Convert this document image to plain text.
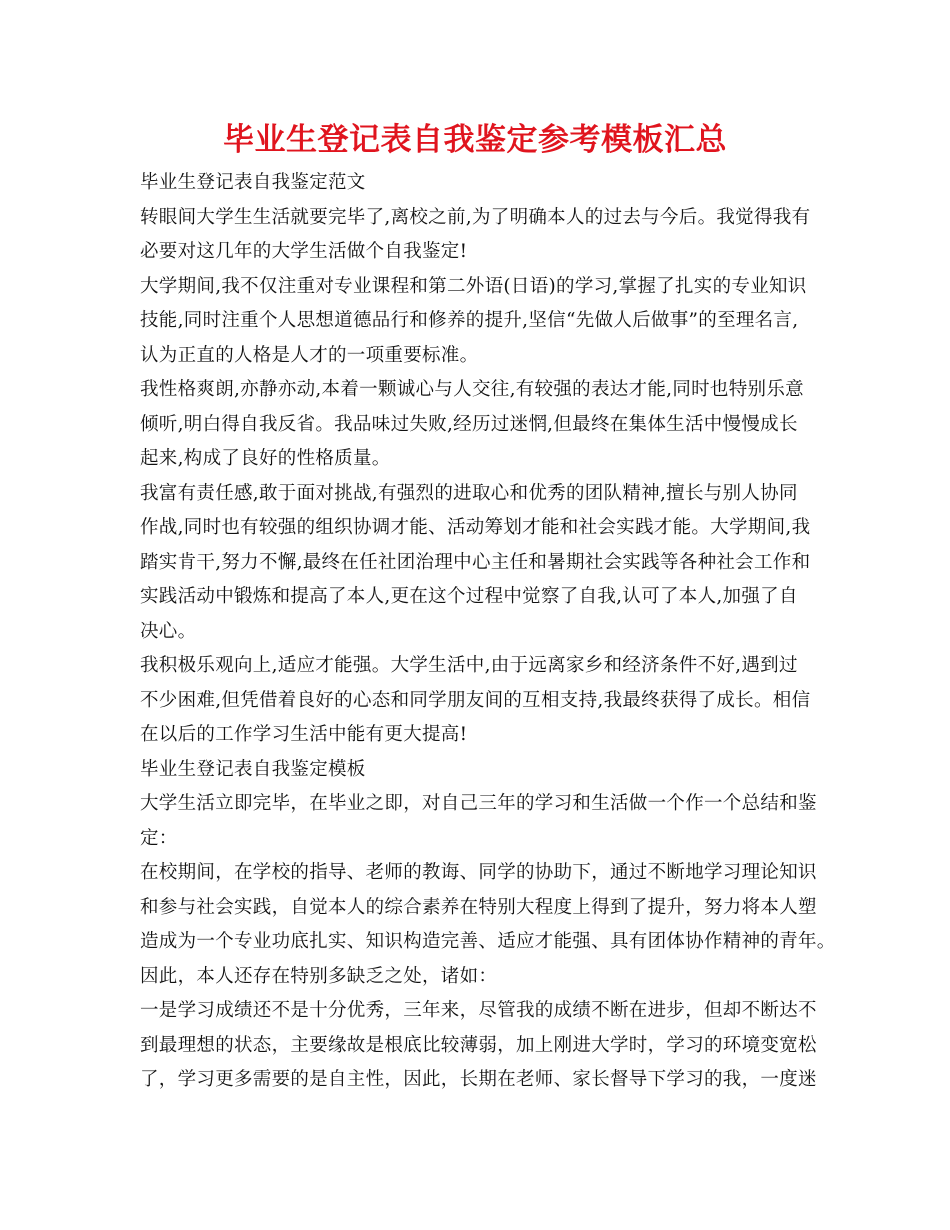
毕业生登记表自我鉴定参考模板汇总
毕业生登记表自我鉴定范文
转眼间大学生生活就要完毕了,离校之前,为了明确本人的过去与今后。我觉得我有
必要对这几年的大学生活做个自我鉴定!
大学期间,我不仅注重对专业课程和第二外语(日语)的学习,掌握了扎实的专业知识
技能,同时注重个人思想道德品行和修养的提升,坚信“先做人后做事”的至理名言,
认为正直的人格是人才的一项重要标准。
我性格爽朗,亦静亦动,本着一颗诚心与人交往,有较强的表达才能,同时也特别乐意
倾听,明白得自我反省。我品味过失败,经历过迷惘,但最终在集体生活中慢慢成长
起来,构成了良好的性格质量。
我富有责任感,敢于面对挑战,有强烈的进取心和优秀的团队精神,擅长与别人协同
作战,同时也有较强的组织协调才能、活动筹划才能和社会实践才能。大学期间,我
踏实肯干,努力不懈,最终在任社团治理中心主任和暑期社会实践等各种社会工作和
实践活动中锻炼和提高了本人,更在这个过程中觉察了自我,认可了本人,加强了自
决心。
我积极乐观向上,适应才能强。大学生活中,由于远离家乡和经济条件不好,遇到过
不少困难,但凭借着良好的心态和同学朋友间的互相支持,我最终获得了成长。相信
在以后的工作学习生活中能有更大提高!
毕业生登记表自我鉴定模板
大学生活立即完毕，在毕业之即，对自己三年的学习和生活做一个作一个总结和鉴
定：
在校期间，在学校的指导、老师的教诲、同学的协助下，通过不断地学习理论知识
和参与社会实践，自觉本人的综合素养在特别大程度上得到了提升，努力将本人塑
造成为一个专业功底扎实、知识构造完善、适应才能强、具有团体协作精神的青年。
因此，本人还存在特别多缺乏之处，诸如：
一是学习成绩还不是十分优秀，三年来，尽管我的成绩不断在进步，但却不断达不
到最理想的状态，主要缘故是根底比较薄弱，加上刚进大学时，学习的环境变宽松
了，学习更多需要的是自主性，因此，长期在老师、家长督导下学习的我，一度迷
